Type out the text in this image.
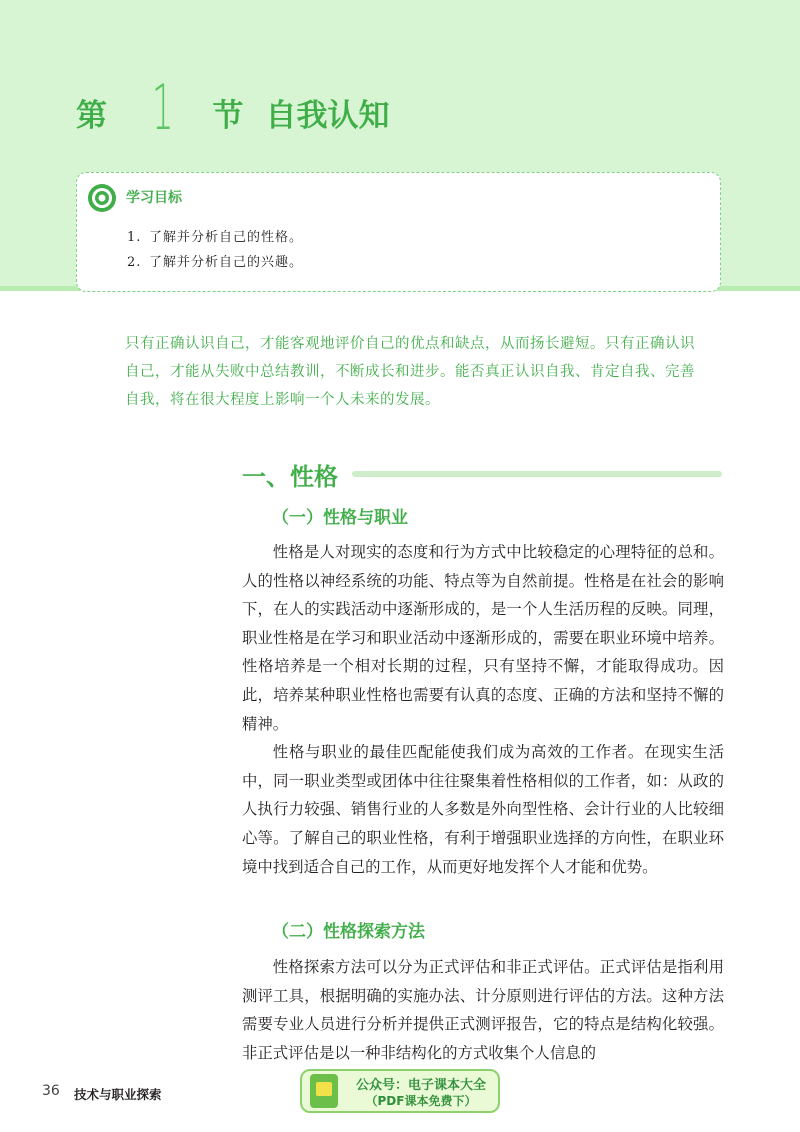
第 1 节 自我认知
学习目标
1. 了解并分析自己的性格。
2. 了解并分析自己的兴趣。
只有正确认识自己，才能客观地评价自己的优点和缺点，从而扬长避短。只有正确认识自己，才能从失败中总结教训，不断成长和进步。能否真正认识自我、肯定自我、完善自我，将在很大程度上影响一个人未来的发展。
一、性格
（一）性格与职业

性格是人对现实的态度和行为方式中比较稳定的心理特征的总和。人的性格以神经系统的功能、特点等为自然前提。性格是在社会的影响下，在人的实践活动中逐渐形成的，是一个人生活历程的反映。同理，职业性格是在学习和职业活动中逐渐形成的，需要在职业环境中培养。性格培养是一个相对长期的过程，只有坚持不懈，才能取得成功。因此，培养某种职业性格也需要有认真的态度、正确的方法和坚持不懈的精神。

性格与职业的最佳匹配能使我们成为高效的工作者。在现实生活中，同一职业类型或团体中往往聚集着性格相似的工作者，如：从政的人执行力较强、销售行业的人多数是外向型性格、会计行业的人比较细心等。了解自己的职业性格，有利于增强职业选择的方向性，在职业环境中找到适合自己的工作，从而更好地发挥个人才能和优势。

（二）性格探索方法

性格探索方法可以分为正式评估和非正式评估。正式评估是指利用测评工具，根据明确的实施办法、计分原则进行评估的方法。这种方法需要专业人员进行分析并提供正式测评报告，它的特点是结构化较强。非正式评估是以一种非结构化的方式收集个人信息的

36 技术与职业探索
公众号：电子课本大全
（PDF课本免费下）
